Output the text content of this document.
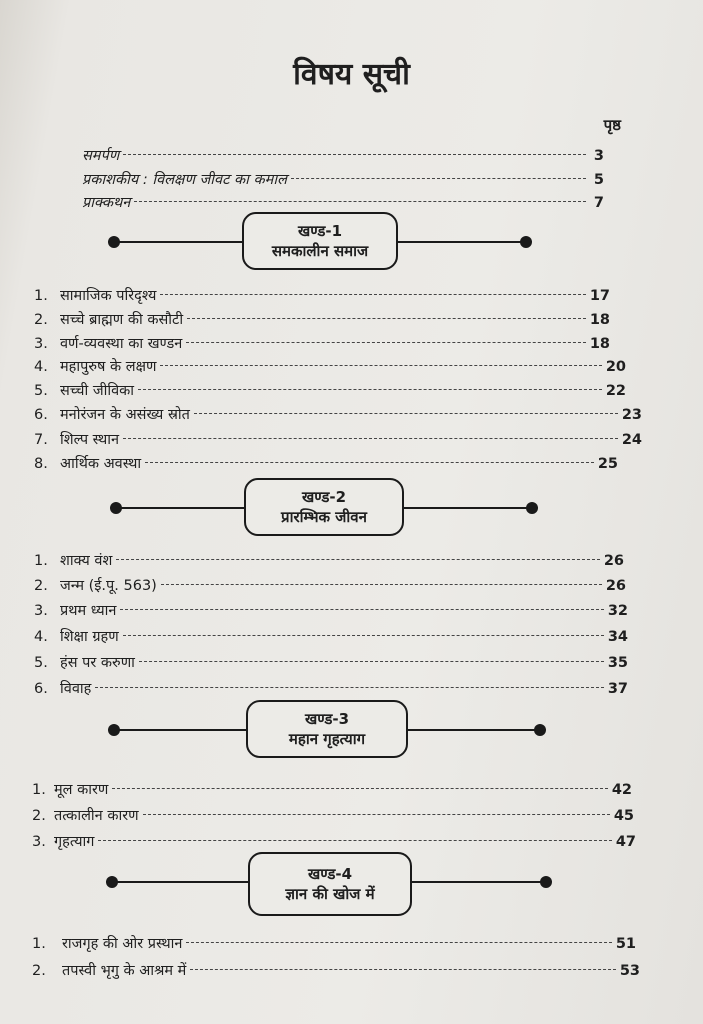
विषय सूची
पृष्ठ
समर्पण	3
प्रकाशकीय : विलक्षण जीवट का कमाल	5
प्राक्कथन	7
खण्ड-1
समकालीन समाज
1. सामाजिक परिदृश्य	17
2. सच्चे ब्राह्मण की कसौटी	18
3. वर्ण-व्यवस्था का खण्डन	18
4. महापुरुष के लक्षण	20
5. सच्ची जीविका	22
6. मनोरंजन के असंख्य स्रोत	23
7. शिल्प स्थान	24
8. आर्थिक अवस्था	25
खण्ड-2
प्रारम्भिक जीवन
1. शाक्य वंश	26
2. जन्म (ई.पू. 563)	26
3. प्रथम ध्यान	32
4. शिक्षा ग्रहण	34
5. हंस पर करुणा	35
6. विवाह	37
खण्ड-3
महान गृहत्याग
1. मूल कारण	42
2. तत्कालीन कारण	45
3. गृहत्याग	47
खण्ड-4
ज्ञान की खोज में
1.	राजगृह की ओर प्रस्थान	51
2.	तपस्वी भृगु के आश्रम में	53
